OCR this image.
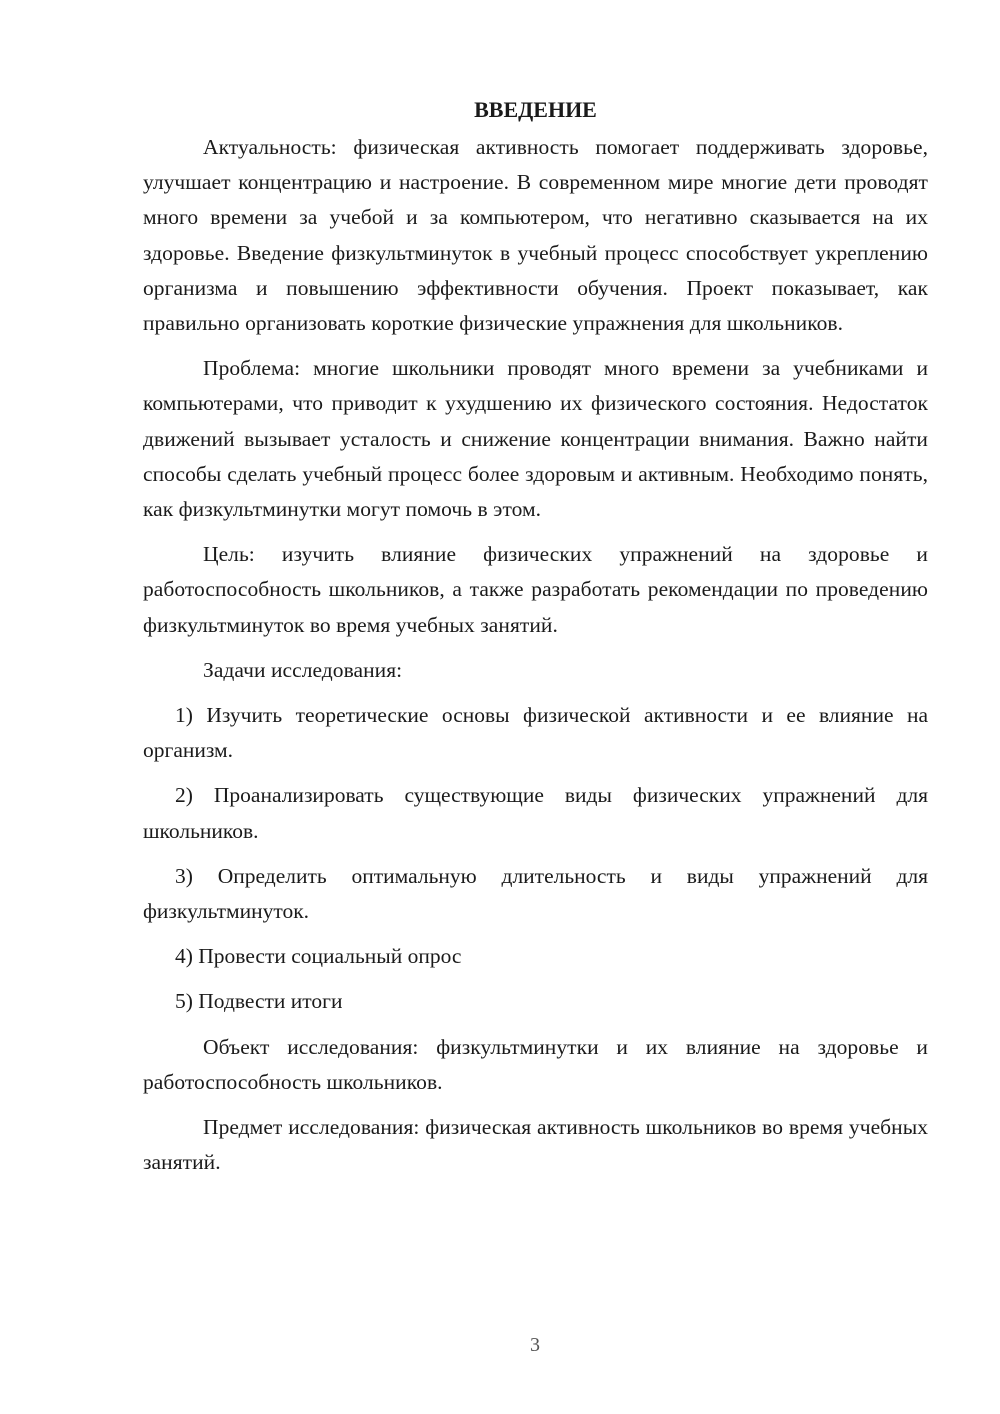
ВВЕДЕНИЕ

Актуальность: физическая активность помогает поддерживать здоровье, улучшает концентрацию и настроение. В современном мире многие дети проводят много времени за учебой и за компьютером, что негативно сказывается на их здоровье. Введение физкультминуток в учебный процесс способствует укреплению организма и повышению эффективности обучения. Проект показывает, как правильно организовать короткие физические упражнения для школьников.

Проблема: многие школьники проводят много времени за учебниками и компьютерами, что приводит к ухудшению их физического состояния. Недостаток движений вызывает усталость и снижение концентрации внимания. Важно найти способы сделать учебный процесс более здоровым и активным. Необходимо понять, как физкультминутки могут помочь в этом.

Цель: изучить влияние физических упражнений на здоровье и работоспособность школьников, а также разработать рекомендации по проведению физкультминуток во время учебных занятий.

Задачи исследования:

1) Изучить теоретические основы физической активности и ее влияние на организм.

2) Проанализировать существующие виды физических упражнений для школьников.

3) Определить оптимальную длительность и виды упражнений для физкультминуток.

4) Провести социальный опрос

5) Подвести итоги

Объект исследования: физкультминутки и их влияние на здоровье и работоспособность школьников.

Предмет исследования: физическая активность школьников во время учебных занятий.

3
